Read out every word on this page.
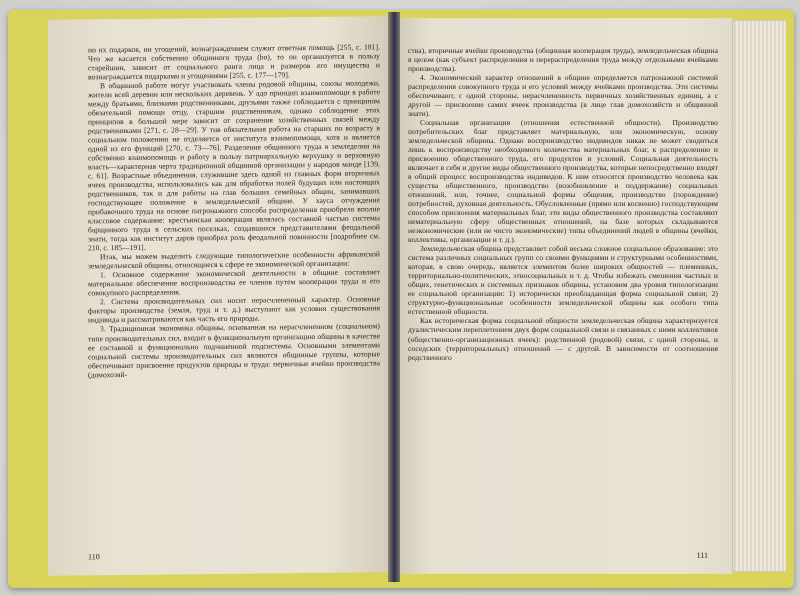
но их подарков, ни угощений, вознаграждением служит ответная помощь [255, с. 181]. Что же касается собственно общинного труда (bo), то он организуется в пользу старейшин, зависит от социального ранга лица и размеров его имущества и вознаграждается подарками и угощениями [255, с. 177—179].

В общинной работе могут участвовать члены родовой общины, союзы молодежи, жители всей деревни или нескольких деревень. У адо принцип взаимопомощи в работе между братьями, близкими родственниками, друзьями также соблюдается с принципом обязательной помощи отцу, старшим родственникам, однако соблюдение этих принципов в большой мере зависит от сохранения хозяйственных связей между родственниками [271, с. 28—29]. У тив обязательная работа на старших по возрасту в социальном положению не отделяется от института взаимопомощи, хотя и является одной из его функций [270, с. 73—76]. Разделение общинного труда в земледелии на собственно взаимопомощь и работу в пользу патриархальную верхушку и верховную власть—характерная черта традиционной общинной организации у народов манде [139, с. 61]. Возрастные объединения, служившие здесь одной из главных форм вторичных ячеек производства, использовались как для обработки полей будущих или настоящих родственников, так и для работы на глав больших семейных общин, занимавших господствующее положение в земледельческой общине. У хауса отчуждение прибавочного труда на основе патронажного способа распределения приобрело вполне классовое содержание: крестьянская кооперация являлась составной частью системы барщинного труда в сельских поселках, создавшихся представителями феодальной знати, тогда как институт даров приобрел роль феодальной повинности [подробнее см. 210, с. 185—191].

Итак, мы можем выделить следующие типологические особенности африканской земледельческой общины, относящиеся к сфере ее экономической организации:

1. Основное содержание экономической деятельности в общине составляет материальное обеспечение воспроизводства ее членов путем кооперации труда и его совокупного распределения.

2. Система производительных сил носит нерасчлененный характер. Основные факторы производства (земля, труд и т. д.) выступают как условия существования индивида и рассматриваются как часть его природы.

3. Традиционная экономика общины, основанная на нерасчлененном (социальном) типе производительных сил, входит в функциональную организацию общины в качестве ее составной и функционально подчиненной подсистемы. Основными элементами социальной системы производительных сил являются общинные группы, которые обеспечивают присвоение продуктов природы и труда: первичные ячейки производства (домохозяй-

110

ства), вторичные ячейки производства (общинная кооперация труда), земледельческая община в целом (как субъект распределения и перераспределения труда между отдельными ячейками производства).

4. Экономический характер отношений в общине определяется патронажной системой распределения совокупного труда и его условий между ячейками производства. Эти системы обеспечивают, с одной стороны, нерасчлененность первичных хозяйственных единиц, а с другой — присвоение самих ячеек производства (в лице глав домохозяйств и общинной знати).

Социальная организация (отношения естественной общности). Производство потребительских благ представляет материальную, или экономическую, основу земледельческой общины. Однако воспроизводство индивидов никак не может сводиться лишь к воспроизводству необходимого количества материальных благ, к распределению и присвоению общественного труда, его продуктов и условий. Социальная деятельность включает в себя и другие виды общественного производства, которые непосредственно входят в общий процесс воспроизводства индивидов. К ним относятся производство человека как существа общественного, производство (возобновление и поддержание) социальных отношений, или, точнее, социальной формы общения, производство (порождение) потребностей, духовная деятельность. Обусловленные (прямо или косвенно) господствующим способом присвоения материальных благ, эти виды общественного производства составляют нематериальную сферу общественных отношений, на базе которых складываются неэкономические (или не чисто экономические) типы объединений людей в общины (ячейки, коллективы, организации и т. д.).

Земледельческая община представляет собой весьма сложное социальное образование: это система различных социальных групп со своими функциями и структурными особенностями, которая, в свою очередь, является элементом более широких общностей — племенных, территориально-политических, этносоциальных и т. д. Чтобы избежать смешения частных и общих, генетических и системных признаков общины, установим два уровня типологизации ее социальной организации: 1) исторически преобладающая форма социальной связи; 2) структурно-функциональные особенности земледельческой общины как особого типа естественной общности.

Как историческая форма социальной общности земледельческая община характеризуется дуалистическим переплетением двух форм социальной связи и связанных с ними коллективов (общественно-организационных ячеек): родственной (родовой) связи, с одной стороны, и соседских (территориальных) отношений — с другой. В зависимости от соотношения родственного

111
